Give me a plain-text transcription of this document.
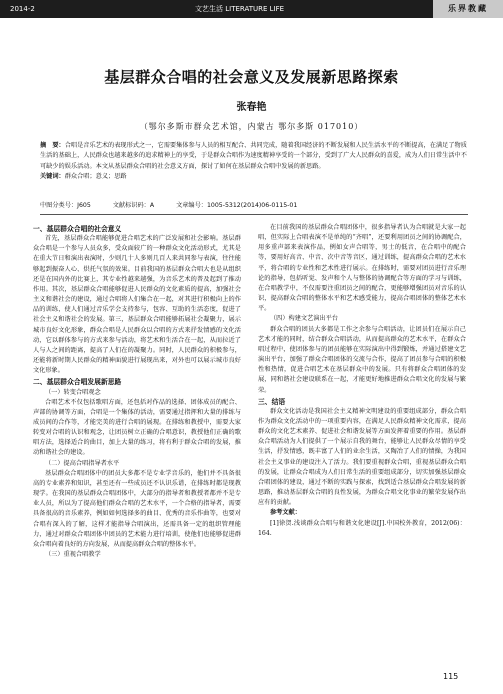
2014-2	文艺生活 LITERATURE LIFE	乐界教藏
基层群众合唱的社会意义及发展新思路探索
张春艳
（鄂尔多斯市群众艺术馆，内蒙古 鄂尔多斯 017010）
摘　要：合唱是音乐艺术的表现形式之一，它需要集体参与人员的相互配合、共同完成，随着我国经济的不断发展和人民生活水平的不断提高，在满足了物质生活的基础上，人民群众也越来越多的追求精神上的享受，于是群众合唱作为速度精神享受的一个部分，受到了广大人民群众的喜爱，成为人们日常生活中不可缺少的娱乐活动。本文从基层群众合唱的社会意义方面，探讨了如何在基层群众合唱中发展的新思路。
关键词：群众合唱；意义；思路
中图分类号：J605	文献标识码：A	文章编号：1005-5312(2014)06-0115-01

一、基层群众合唱的社会意义

首先，基层群众合唱能够促进合唱艺术的广泛发展和社会影响。基层群众合唱是一个参与人员众多，受众面较广的一种群众文化活动形式，尤其是在重大节日和演出表演时，少则几十人多则几百人来共同参与表演，往往能够起到振奋人心、烘托气氛的效果。目前我国的基层群众合唱大也是从组织还是在国内外的比赛上，其专业性越来越强，为音乐艺术的普及起到了推动作用。其次，基层群众合唱能够促进人民群众的文化素质的提高，加强社会主义和谐社会的建设，通过合唱将人们集合在一起，对其进行积极向上的作品的训练，使人们通过音乐学会支持参与，包容、互助的生活态度，促进了社会主义和谐社会的发展。第三，基层群众合唱能够拓展社会凝聚力，展示城市良好文化形象，群众合唱是人民群众以合唱的方式来抒发情感的文化活动，它以群体参与的方式来参与活动，将艺术和生活合在一起，从而拉近了人与人之间的距离，提高了人们在的凝聚力。同时，人民群众的积极参与，还能将新时期人民群众的精神面貌进行展现出来，对外也可以展示城市良好文化形象。

二、基层群众合唱发展新思路

（一）转变合唱观念

合唱艺术不仅包括歌唱方面，还包括对作品的选择、团体成员的配合、声部的协调等方面，合唱是一个集体的活动，需要通过指挥和大量的排练与成员间的合作等，才能完美的进行合唱的展现。在排练和教授中，需要大家转变对合唱的认识和观念，让团员树立正确的合唱意识，教授他们正确的歌唱方法，选择适合的曲目，加上大量的练习，将有利于群众合唱的发展，推动和谐社会的建设。

（二）提高合唱指导者水平

基层群众合唱团体中的团员大多都不是专业学音乐的，他们并不具备很高的专业素养和知识，甚至还有一些成员还不认识乐谱，在排练时都是现教现学。在我国的基层群众合唱团体中，大部分的指导者和教授者都并不是专业人员，所以为了提高他们群众合唱的艺术水平，一个合格的指导者，需要具备很高的音乐素养，例如如何选择多的曲目、优秀的音乐作曲等，也要对合唱有深入的了解，这样才能指导合唱演出，还需具备一定的组织管理能力，通过对群众合唱团体中团员的艺术能力进行培训，使他们也能够促进群众合唱向着良好的方向发展，从而提高群众合唱的整体水平。

（三）重视合唱教学

在目前我国的基层群众合唱团体中，很多指导者认为合唱就是大家一起唱，但实际上合唱表演不是单纯的“齐唱”，还要利用团员之间的协调配合，用多重声部来表演作品，例如女声合唱等，男士的低音，在合唱中的配合等，要用好高音、中音、次中音等音区，通过训练，提高群众合唱的艺术水平，将合唱的专业性和艺术性进行展示。在排练时，需要对团员进行音乐理论的指导，包括听觉、发声和个人与整体的协调配合等方面的学习与训练，在合唱教学中，不仅需要注重团员之间的配合，更能够增强团员对音乐的认识，提高群众合唱的整体水平和艺术感受能力，提高合唱团体的整体艺术水平。

（四）构建文艺演出平台

群众合唱的团员大多都是工作之余参与合唱活动，让团员们在展示自己艺术才能的同时，结合群众合唱活动，从而提高群众的艺术水平，在群众合唱过程中，使团体参与的团员能够在实际演出中得到锻炼，并通过搭建文艺演出平台，加强了群众合唱团体的交流与合作，提高了团员参与合唱的积极性和热情，促进合唱艺术在基层群众中的发展。只有将群众合唱团体的发展，同和谐社会建设联系在一起，才能更好地推进群众合唱文化的发展与繁荣。

三、结语

群众文化活动是我国社会主义精神文明建设的重要组成部分，群众合唱作为群众文化活动中的一项重要内容，在满足人民群众精神文化需求，提高群众的文化艺术素养、促进社会和谐发展等方面发挥着重要的作用。基层群众合唱活动为人们提供了一个展示自我的舞台，能够让人民群众尽情的享受生活，抒发情感，既丰富了人们的业余生活，又陶冶了人们的情操，为我国社会主义事业的建设注入了活力。我们要重视群众合唱，重视基层群众合唱的发展，让群众合唱成为人们日常生活的重要组成部分，切实加强基层群众合唱团体的建设，通过不断的实践与探索，找到适合基层群众合唱发展的新思路，推动基层群众合唱的良性发展，为群众合唱文化事业的繁荣发展作出应有的贡献。

参考文献：

[1]徐贺.浅谈群众合唱与和谐文化建设[J].中国校外教育，2012(06)：164.

115
